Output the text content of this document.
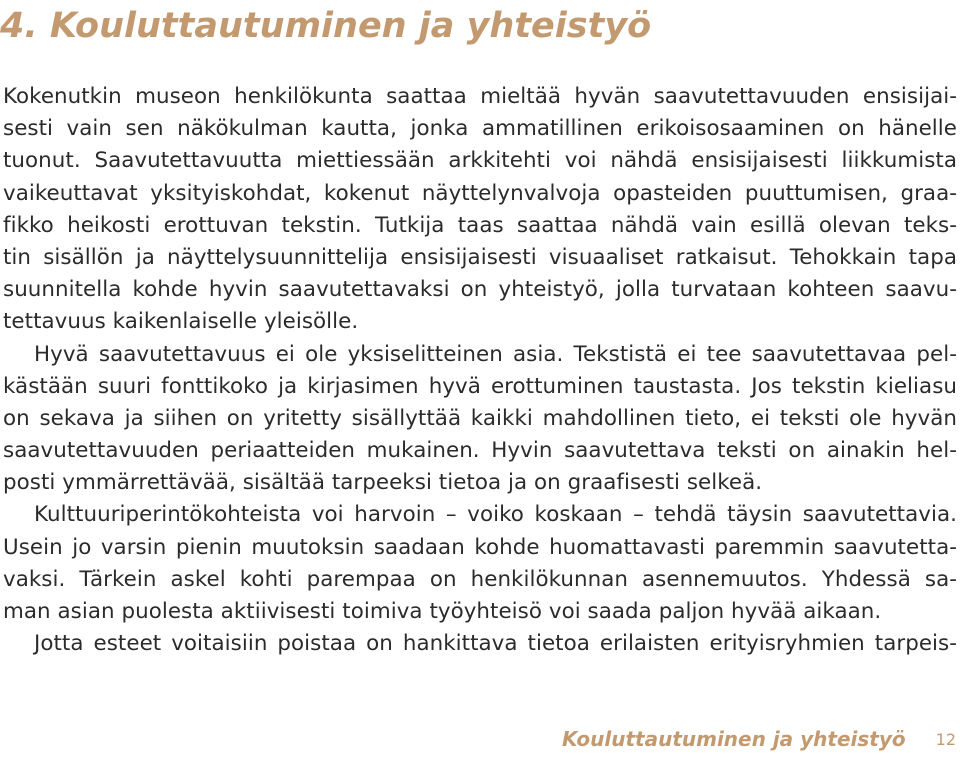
4. Kouluttautuminen ja yhteistyö
Kokenutkin museon henkilökunta saattaa mieltää hyvän saavutettavuuden ensisijai-
sesti vain sen näkökulman kautta, jonka ammatillinen erikoisosaaminen on hänelle
tuonut. Saavutettavuutta miettiessään arkkitehti voi nähdä ensisijaisesti liikkumista
vaikeuttavat yksityiskohdat, kokenut näyttelynvalvoja opasteiden puuttumisen, graa-
fikko heikosti erottuvan tekstin. Tutkija taas saattaa nähdä vain esillä olevan teks-
tin sisällön ja näyttelysuunnittelija ensisijaisesti visuaaliset ratkaisut. Tehokkain tapa
suunnitella kohde hyvin saavutettavaksi on yhteistyö, jolla turvataan kohteen saavu-
tettavuus kaikenlaiselle yleisölle.
Hyvä saavutettavuus ei ole yksiselitteinen asia. Tekstistä ei tee saavutettavaa pel-
kästään suuri fonttikoko ja kirjasimen hyvä erottuminen taustasta. Jos tekstin kieliasu
on sekava ja siihen on yritetty sisällyttää kaikki mahdollinen tieto, ei teksti ole hyvän
saavutettavuuden periaatteiden mukainen. Hyvin saavutettava teksti on ainakin hel-
posti ymmärrettävää, sisältää tarpeeksi tietoa ja on graafisesti selkeä.
Kulttuuriperintökohteista voi harvoin – voiko koskaan – tehdä täysin saavutettavia.
Usein jo varsin pienin muutoksin saadaan kohde huomattavasti paremmin saavutetta-
vaksi. Tärkein askel kohti parempaa on henkilökunnan asennemuutos. Yhdessä sa-
man asian puolesta aktiivisesti toimiva työyhteisö voi saada paljon hyvää aikaan.
Jotta esteet voitaisiin poistaa on hankittava tietoa erilaisten erityisryhmien tarpeis-
Kouluttautuminen ja yhteistyö 12
